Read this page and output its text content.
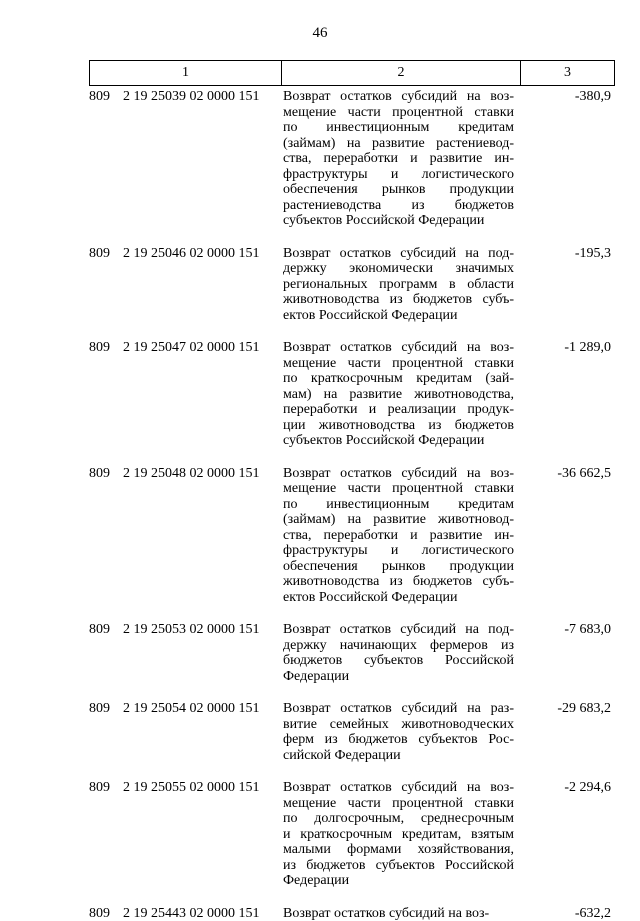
46
1	2	3
809 2 19 25039 02 0000 151	Возврат остатков субсидий на воз-
мещение части процентной ставки
по инвестиционным кредитам
(займам) на развитие растениевод-
ства, переработки и развитие ин-
фраструктуры и логистического
обеспечения рынков продукции
растениеводства из бюджетов
субъектов Российской Федерации
-380,9
809 2 19 25046 02 0000 151	Возврат остатков субсидий на под-
держку экономически значимых
региональных программ в области
животноводства из бюджетов субъ-
ектов Российской Федерации
-195,3
809 2 19 25047 02 0000 151	Возврат остатков субсидий на воз-
мещение части процентной ставки
по краткосрочным кредитам (зай-
мам) на развитие животноводства,
переработки и реализации продук-
ции животноводства из бюджетов
субъектов Российской Федерации
-1 289,0
809 2 19 25048 02 0000 151	Возврат остатков субсидий на воз-
мещение части процентной ставки
по инвестиционным кредитам
(займам) на развитие животновод-
ства, переработки и развитие ин-
фраструктуры и логистического
обеспечения рынков продукции
животноводства из бюджетов субъ-
ектов Российской Федерации
-36 662,5
809 2 19 25053 02 0000 151	Возврат остатков субсидий на под-
держку начинающих фермеров из
бюджетов субъектов Российской
Федерации
-7 683,0
809 2 19 25054 02 0000 151	Возврат остатков субсидий на раз-
витие семейных животноводческих
ферм из бюджетов субъектов Рос-
сийской Федерации
-29 683,2
809 2 19 25055 02 0000 151	Возврат остатков субсидий на воз-
мещение части процентной ставки
по долгосрочным, среднесрочным
и краткосрочным кредитам, взятым
малыми формами хозяйствования,
из бюджетов субъектов Российской
Федерации
-2 294,6
809 2 19 25443 02 0000 151	Возврат остатков субсидий на воз-	-632,2
